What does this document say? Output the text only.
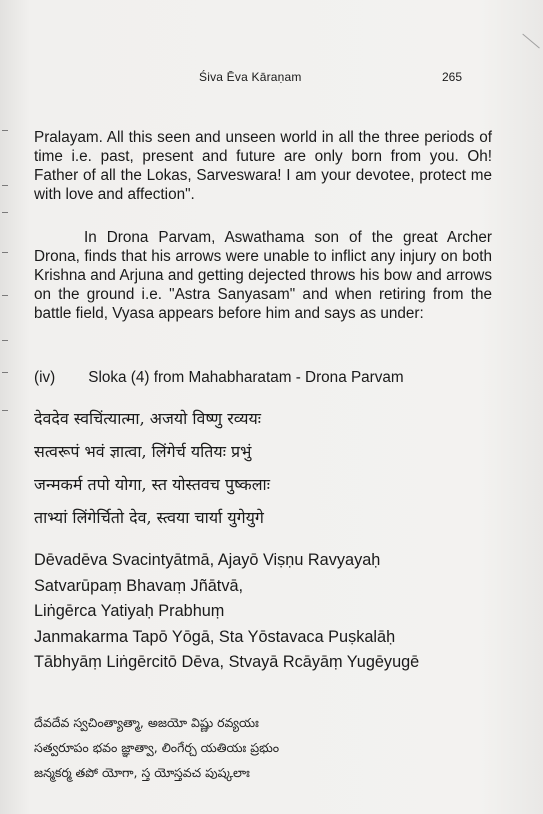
Śiva Ēva Kāraṇam	265

Pralayam. All this seen and unseen world in all the three periods of time i.e. past, present and future are only born from you. Oh! Father of all the Lokas, Sarveswara! I am your devotee, protect me with love and affection".

In Drona Parvam, Aswathama son of the great Archer Drona, finds that his arrows were unable to inflict any injury on both Krishna and Arjuna and getting dejected throws his bow and arrows on the ground i.e. "Astra Sanyasam" and when retiring from the battle field, Vyasa appears before him and says as under:

(iv) Sloka (4) from Mahabharatam - Drona Parvam
देवदेव स्वचिंत्यात्मा, अजयो विष्णु रव्ययः
सत्वरूपं भवं ज्ञात्वा, लिंगेर्च यतियः प्रभुं
जन्मकर्म तपो योगा, स्त योस्तवच पुष्कलाः
ताभ्यां लिंगेर्चितो देव, स्त्वया चार्या युगेयुगे
Dēvadēva Svacintyātmā, Ajayō Viṣṇu Ravyayaḥ
Satvarūpaṃ Bhavaṃ Jñātvā,
Liṅgērca Yatiyaḥ Prabhuṃ
Janmakarma Tapō Yōgā, Sta Yōstavaca Puṣkalāḥ
Tābhyāṃ Liṅgērcitō Dēva, Stvayā Rcāyāṃ Yugēyugē
దేవదేవ స్వచింత్యాత్మా, అజయో విష్ణు రవ్యయః
సత్వరూపం భవం జ్ఞాత్వా, లింగేర్చ యతియః ప్రభుం
జన్మకర్మ తపో యోగా, స్త యోస్తవచ పుష్కలాః
